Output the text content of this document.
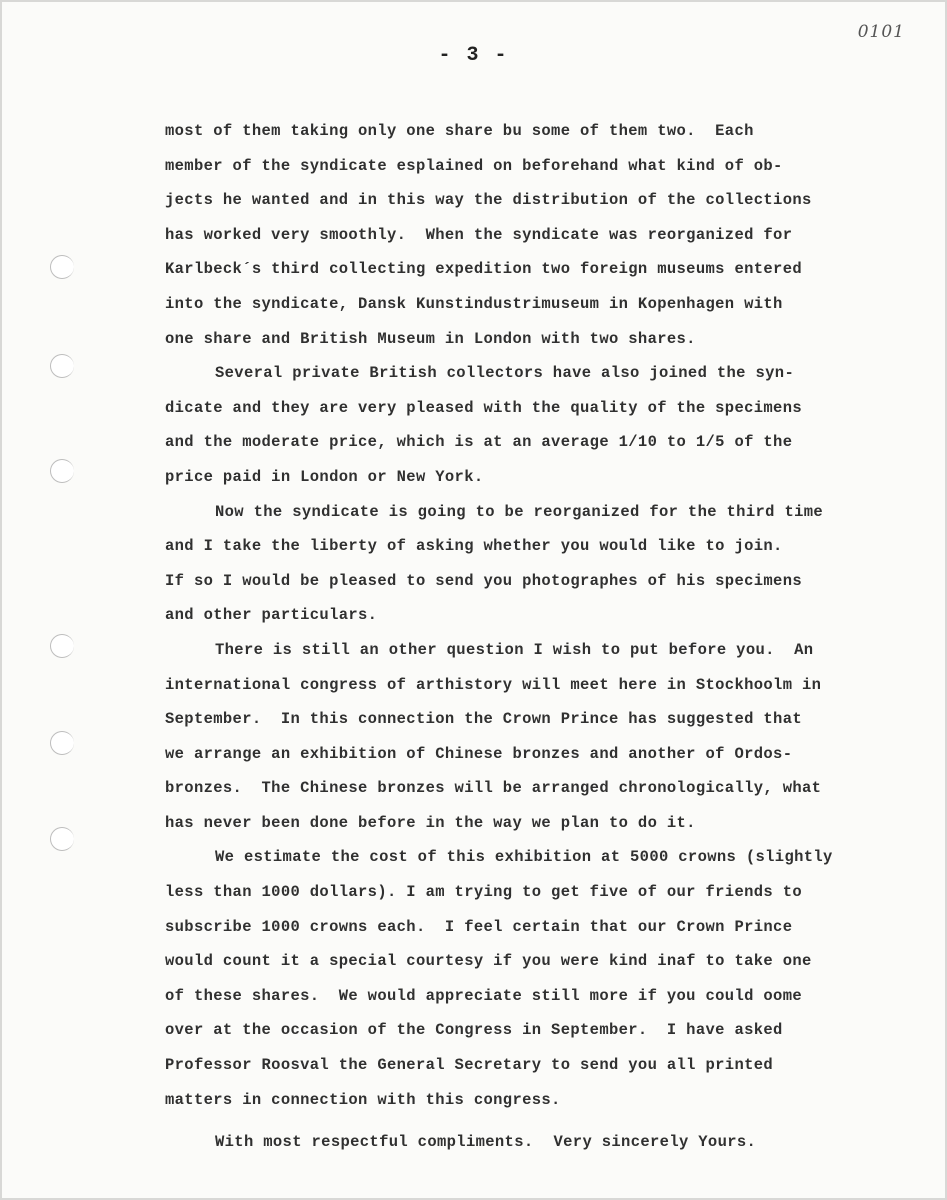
0101
- 3 -
most of them taking only one share bu some of them two.  Each
member of the syndicate esplained on beforehand what kind of ob-
jects he wanted and in this way the distribution of the collections
has worked very smoothly.  When the syndicate was reorganized for
Karlbeck´s third collecting expedition two foreign museums entered
into the syndicate, Dansk Kunstindustrimuseum in Kopenhagen with
one share and British Museum in London with two shares.
Several private British collectors have also joined the syn-
dicate and they are very pleased with the quality of the specimens
and the moderate price, which is at an average 1/10 to 1/5 of the
price paid in London or New York.
Now the syndicate is going to be reorganized for the third time
and I take the liberty of asking whether you would like to join.
If so I would be pleased to send you photographes of his specimens
and other particulars.
There is still an other question I wish to put before you.  An
international congress of arthistory will meet here in Stockhoolm in
September.  In this connection the Crown Prince has suggested that
we arrange an exhibition of Chinese bronzes and another of Ordos-
bronzes.  The Chinese bronzes will be arranged chronologically, what
has never been done before in the way we plan to do it.
We estimate the cost of this exhibition at 5000 crowns (slightly
less than 1000 dollars). I am trying to get five of our friends to
subscribe 1000 crowns each.  I feel certain that our Crown Prince
would count it a special courtesy if you were kind inaf to take one
of these shares.  We would appreciate still more if you could oome
over at the occasion of the Congress in September.  I have asked
Professor Roosval the General Secretary to send you all printed
matters in connection with this congress.
With most respectful compliments. Very sincerely Yours.
